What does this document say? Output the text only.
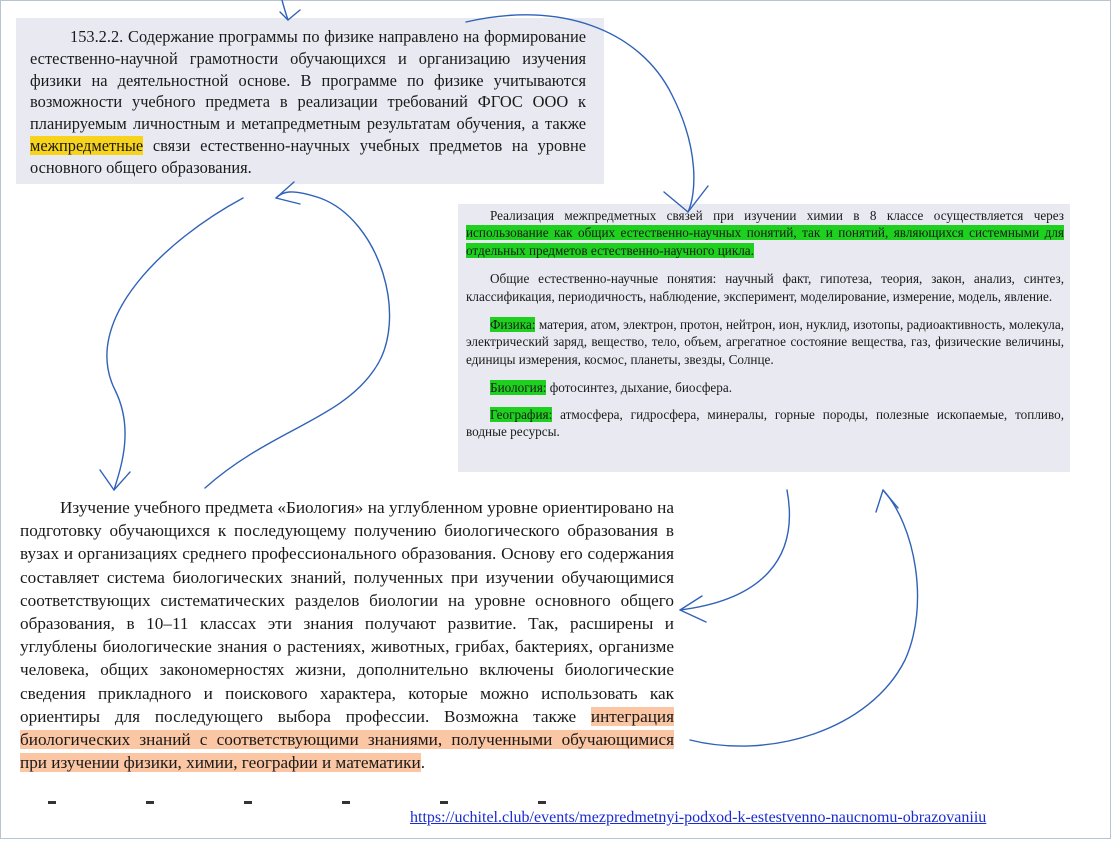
153.2.2. Содержание программы по физике направлено на формирование естественно-научной грамотности обучающихся и организацию изучения физики на деятельностной основе. В программе по физике учитываются возможности учебного предмета в реализации требований ФГОС ООО к планируемым личностным и метапредметным результатам обучения, а также межпредметные связи естественно-научных учебных предметов на уровне основного общего образования.

Реализация межпредметных связей при изучении химии в 8 классе осуществляется через использование как общих естественно-научных понятий, так и понятий, являющихся системными для отдельных предметов естественно-научного цикла.

Общие естественно-научные понятия: научный факт, гипотеза, теория, закон, анализ, синтез, классификация, периодичность, наблюдение, эксперимент, моделирование, измерение, модель, явление.

Физика: материя, атом, электрон, протон, нейтрон, ион, нуклид, изотопы, радиоактивность, молекула, электрический заряд, вещество, тело, объем, агрегатное состояние вещества, газ, физические величины, единицы измерения, космос, планеты, звезды, Солнце.

Биология: фотосинтез, дыхание, биосфера.

География: атмосфера, гидросфера, минералы, горные породы, полезные ископаемые, топливо, водные ресурсы.

Изучение учебного предмета «Биология» на углубленном уровне ориентировано на подготовку обучающихся к последующему получению биологического образования в вузах и организациях среднего профессионального образования. Основу его содержания составляет система биологических знаний, полученных при изучении обучающимися соответствующих систематических разделов биологии на уровне основного общего образования, в 10–11 классах эти знания получают развитие. Так, расширены и углублены биологические знания о растениях, животных, грибах, бактериях, организме человека, общих закономерностях жизни, дополнительно включены биологические сведения прикладного и поискового характера, которые можно использовать как ориентиры для последующего выбора профессии. Возможна также интеграция биологических знаний с соответствующими знаниями, полученными обучающимися при изучении физики, химии, географии и математики.

https://uchitel.club/events/mezpredmetnyi-podxod-k-estestvenno-naucnomu-obrazovaniiu
